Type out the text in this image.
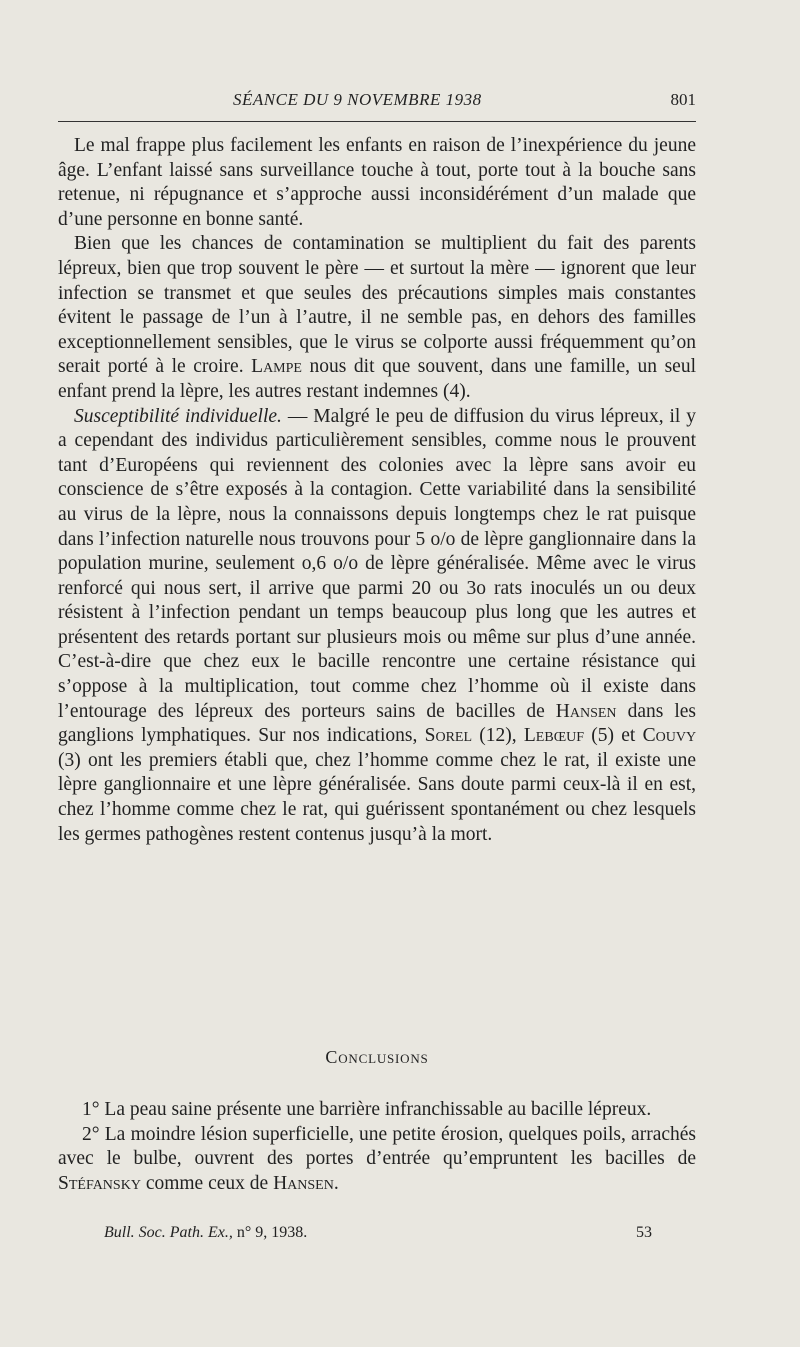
SÉANCE DU 9 NOVEMBRE 1938	801

Le mal frappe plus facilement les enfants en raison de l’inexpérience du jeune âge. L’enfant laissé sans surveillance touche à tout, porte tout à la bouche sans retenue, ni répugnance et s’approche aussi inconsidérément d’un malade que d’une personne en bonne santé.

Bien que les chances de contamination se multiplient du fait des parents lépreux, bien que trop souvent le père — et surtout la mère — ignorent que leur infection se transmet et que seules des précautions simples mais constantes évitent le passage de l’un à l’autre, il ne semble pas, en dehors des familles exceptionnellement sensibles, que le virus se colporte aussi fréquemment qu’on serait porté à le croire. Lampe nous dit que souvent, dans une famille, un seul enfant prend la lèpre, les autres restant indemnes (4).

Susceptibilité individuelle. — Malgré le peu de diffusion du virus lépreux, il y a cependant des individus particulièrement sensibles, comme nous le prouvent tant d’Européens qui reviennent des colonies avec la lèpre sans avoir eu conscience de s’être exposés à la contagion. Cette variabilité dans la sensibilité au virus de la lèpre, nous la connaissons depuis longtemps chez le rat puisque dans l’infection naturelle nous trouvons pour 5 o/o de lèpre ganglionnaire dans la population murine, seulement o,6 o/o de lèpre généralisée. Même avec le virus renforcé qui nous sert, il arrive que parmi 20 ou 3o rats inoculés un ou deux résistent à l’infection pendant un temps beaucoup plus long que les autres et présentent des retards portant sur plusieurs mois ou même sur plus d’une année. C’est-à-dire que chez eux le bacille rencontre une certaine résistance qui s’oppose à la multiplication, tout comme chez l’homme où il existe dans l’entourage des lépreux des porteurs sains de bacilles de Hansen dans les ganglions lymphatiques. Sur nos indications, Sorel (12), Lebœuf (5) et Couvy (3) ont les premiers établi que, chez l’homme comme chez le rat, il existe une lèpre ganglionnaire et une lèpre généralisée. Sans doute parmi ceux-là il en est, chez l’homme comme chez le rat, qui guérissent spontanément ou chez lesquels les germes pathogènes restent contenus jusqu’à la mort.

Conclusions

1° La peau saine présente une barrière infranchissable au bacille lépreux.

2° La moindre lésion superficielle, une petite érosion, quelques poils, arrachés avec le bulbe, ouvrent des portes d’entrée qu’empruntent les bacilles de Stéfansky comme ceux de Hansen.

Bull. Soc. Path. Ex., n° 9, 1938.	53
